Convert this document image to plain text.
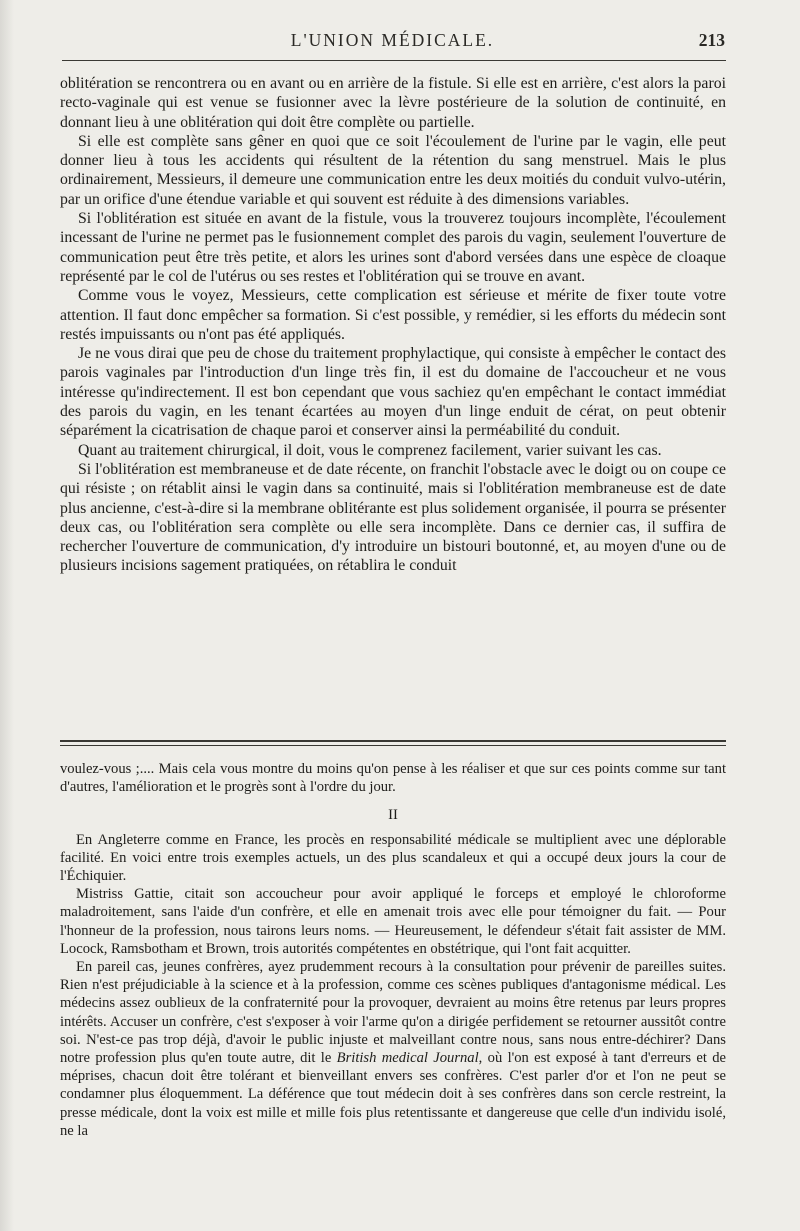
L'UNION MÉDICALE.	213

oblitération se rencontrera ou en avant ou en arrière de la fistule. Si elle est en arrière, c'est alors la paroi recto-vaginale qui est venue se fusionner avec la lèvre postérieure de la solution de continuité, en donnant lieu à une oblitération qui doit être complète ou partielle.

Si elle est complète sans gêner en quoi que ce soit l'écoulement de l'urine par le vagin, elle peut donner lieu à tous les accidents qui résultent de la rétention du sang menstruel. Mais le plus ordinairement, Messieurs, il demeure une communication entre les deux moitiés du conduit vulvo-utérin, par un orifice d'une étendue variable et qui souvent est réduite à des dimensions variables.

Si l'oblitération est située en avant de la fistule, vous la trouverez toujours incomplète, l'écoulement incessant de l'urine ne permet pas le fusionnement complet des parois du vagin, seulement l'ouverture de communication peut être très petite, et alors les urines sont d'abord versées dans une espèce de cloaque représenté par le col de l'utérus ou ses restes et l'oblitération qui se trouve en avant.

Comme vous le voyez, Messieurs, cette complication est sérieuse et mérite de fixer toute votre attention. Il faut donc empêcher sa formation. Si c'est possible, y remédier, si les efforts du médecin sont restés impuissants ou n'ont pas été appliqués.

Je ne vous dirai que peu de chose du traitement prophylactique, qui consiste à empêcher le contact des parois vaginales par l'introduction d'un linge très fin, il est du domaine de l'accoucheur et ne vous intéresse qu'indirectement. Il est bon cependant que vous sachiez qu'en empêchant le contact immédiat des parois du vagin, en les tenant écartées au moyen d'un linge enduit de cérat, on peut obtenir séparément la cicatrisation de chaque paroi et conserver ainsi la perméabilité du conduit.

Quant au traitement chirurgical, il doit, vous le comprenez facilement, varier suivant les cas.

Si l'oblitération est membraneuse et de date récente, on franchit l'obstacle avec le doigt ou on coupe ce qui résiste ; on rétablit ainsi le vagin dans sa continuité, mais si l'oblitération membraneuse est de date plus ancienne, c'est-à-dire si la membrane oblitérante est plus solidement organisée, il pourra se présenter deux cas, ou l'oblitération sera complète ou elle sera incomplète. Dans ce dernier cas, il suffira de rechercher l'ouverture de communication, d'y introduire un bistouri boutonné, et, au moyen d'une ou de plusieurs incisions sagement pratiquées, on rétablira le conduit

voulez-vous ;.... Mais cela vous montre du moins qu'on pense à les réaliser et que sur ces points comme sur tant d'autres, l'amélioration et le progrès sont à l'ordre du jour.

II

En Angleterre comme en France, les procès en responsabilité médicale se multiplient avec une déplorable facilité. En voici entre trois exemples actuels, un des plus scandaleux et qui a occupé deux jours la cour de l'Échiquier.

Mistriss Gattie, citait son accoucheur pour avoir appliqué le forceps et employé le chloroforme maladroitement, sans l'aide d'un confrère, et elle en amenait trois avec elle pour témoigner du fait. — Pour l'honneur de la profession, nous tairons leurs noms. — Heureusement, le défendeur s'était fait assister de MM. Locock, Ramsbotham et Brown, trois autorités compétentes en obstétrique, qui l'ont fait acquitter.

En pareil cas, jeunes confrères, ayez prudemment recours à la consultation pour prévenir de pareilles suites. Rien n'est préjudiciable à la science et à la profession, comme ces scènes publiques d'antagonisme médical. Les médecins assez oublieux de la confraternité pour la provoquer, devraient au moins être retenus par leurs propres intérêts. Accuser un confrère, c'est s'exposer à voir l'arme qu'on a dirigée perfidement se retourner aussitôt contre soi. N'est-ce pas trop déjà, d'avoir le public injuste et malveillant contre nous, sans nous entre-déchirer? Dans notre profession plus qu'en toute autre, dit le British medical Journal, où l'on est exposé à tant d'erreurs et de méprises, chacun doit être tolérant et bienveillant envers ses confrères. C'est parler d'or et l'on ne peut se condamner plus éloquemment. La déférence que tout médecin doit à ses confrères dans son cercle restreint, la presse médicale, dont la voix est mille et mille fois plus retentissante et dangereuse que celle d'un individu isolé, ne la
